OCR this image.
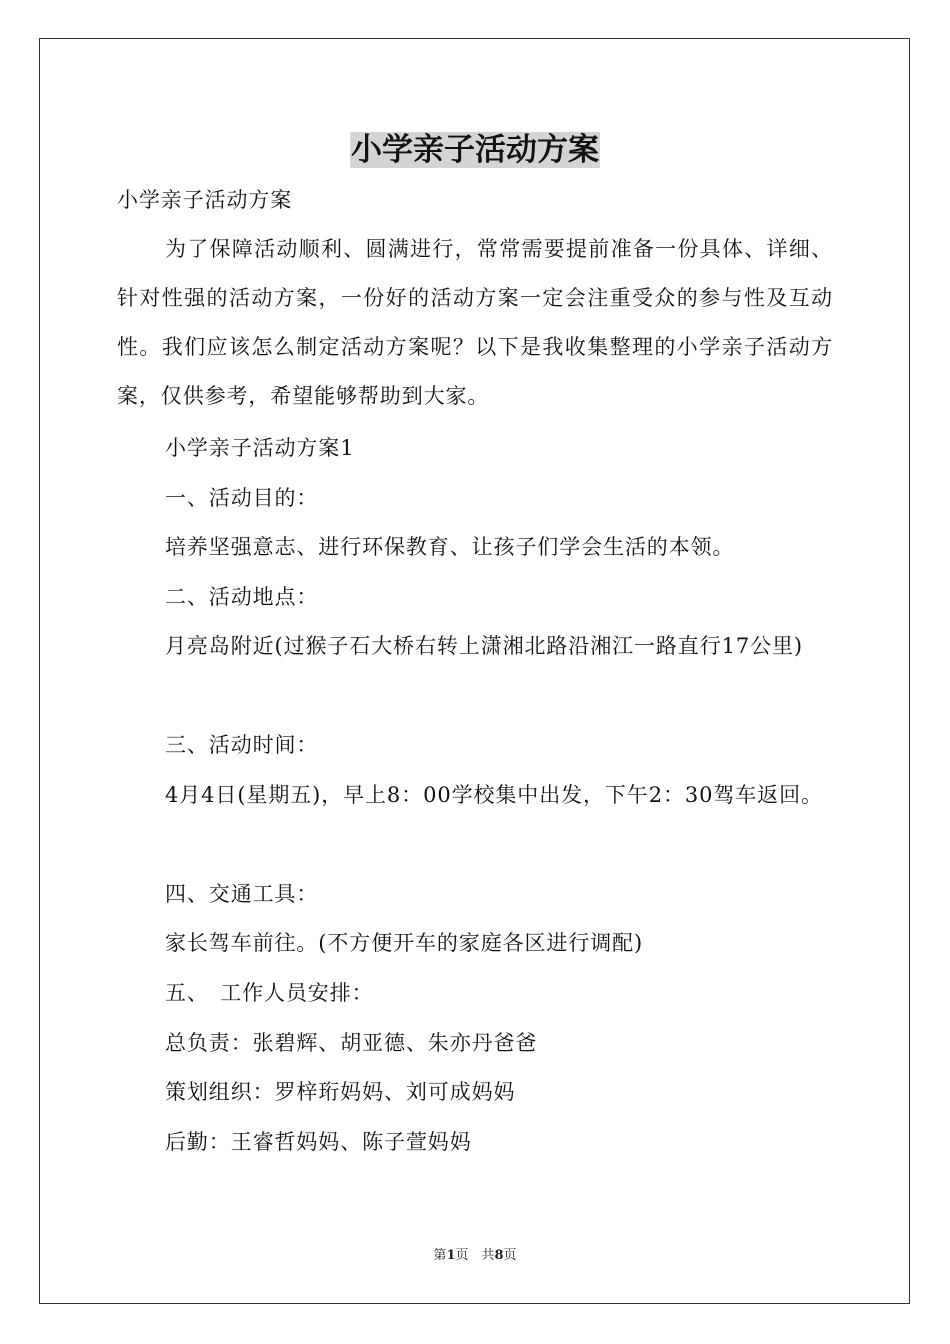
小学亲子活动方案

小学亲子活动方案

为了保障活动顺利、圆满进行，常常需要提前准备一份具体、详细、针对性强的活动方案，一份好的活动方案一定会注重受众的参与性及互动性。我们应该怎么制定活动方案呢？以下是我收集整理的小学亲子活动方案，仅供参考，希望能够帮助到大家。

小学亲子活动方案1

一、活动目的：

培养坚强意志、进行环保教育、让孩子们学会生活的本领。

二、活动地点：

月亮岛附近(过猴子石大桥右转上潇湘北路沿湘江一路直行17公里)

三、活动时间：

4月4日(星期五)，早上8：00学校集中出发，下午2：30驾车返回。

四、交通工具：

家长驾车前往。(不方便开车的家庭各区进行调配)

五、　工作人员安排：

总负责：张碧辉、胡亚德、朱亦丹爸爸

策划组织：罗梓珩妈妈、刘可成妈妈

后勤：王睿哲妈妈、陈子萱妈妈

第1页　共8页
